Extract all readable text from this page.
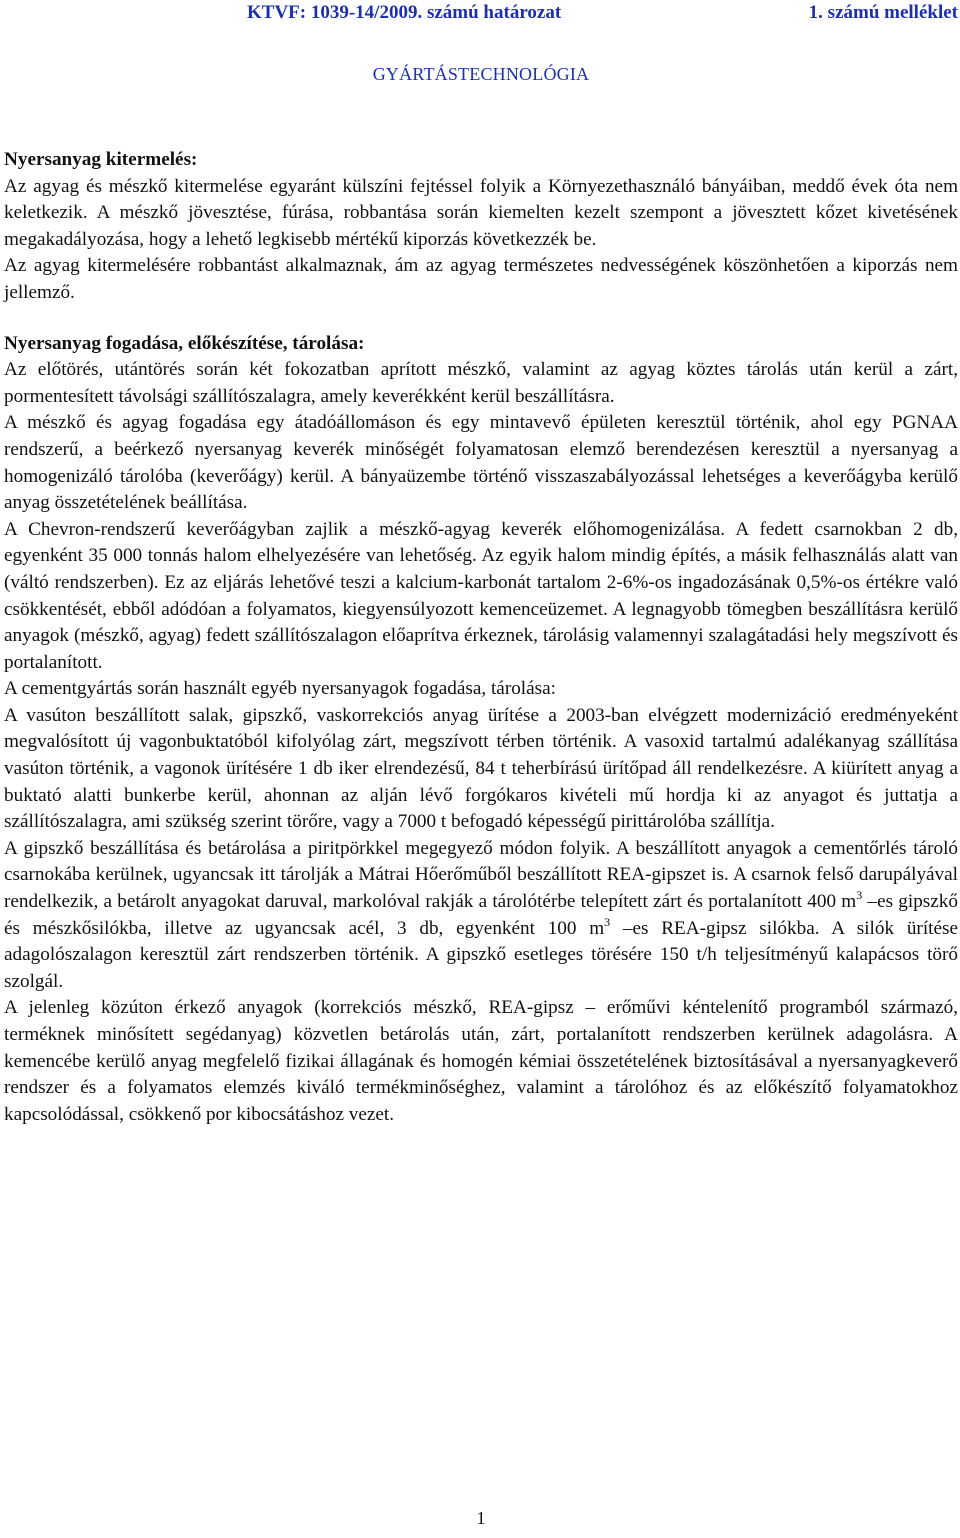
KTVF: 1039-14/2009. számú határozat	1. számú melléklet
GYÁRTÁSTECHNOLÓGIA

Nyersanyag kitermelés:

Az agyag és mészkő kitermelése egyaránt külszíni fejtéssel folyik a Környezethasználó bányáiban, meddő évek óta nem keletkezik. A mészkő jövesztése, fúrása, robbantása során kiemelten kezelt szempont a jövesztett kőzet kivetésének megakadályozása, hogy a lehető legkisebb mértékű kiporzás következzék be.

Az agyag kitermelésére robbantást alkalmaznak, ám az agyag természetes nedvességének köszönhetően a kiporzás nem jellemző.

Nyersanyag fogadása, előkészítése, tárolása:

Az előtörés, utántörés során két fokozatban aprított mészkő, valamint az agyag köztes tárolás után kerül a zárt, pormentesített távolsági szállítószalagra, amely keverékként kerül beszállításra.

A mészkő és agyag fogadása egy átadóállomáson és egy mintavevő épületen keresztül történik, ahol egy PGNAA rendszerű, a beérkező nyersanyag keverék minőségét folyamatosan elemző berendezésen keresztül a nyersanyag a homogenizáló tárolóba (keverőágy) kerül. A bányaüzembe történő visszaszabályozással lehetséges a keverőágyba kerülő anyag összetételének beállítása.

A Chevron-rendszerű keverőágyban zajlik a mészkő-agyag keverék előhomogenizálása. A fedett csarnokban 2 db, egyenként 35 000 tonnás halom elhelyezésére van lehetőség. Az egyik halom mindig építés, a másik felhasználás alatt van (váltó rendszerben). Ez az eljárás lehetővé teszi a kalcium-karbonát tartalom 2-6%-os ingadozásának 0,5%-os értékre való csökkentését, ebből adódóan a folyamatos, kiegyensúlyozott kemenceüzemet. A legnagyobb tömegben beszállításra kerülő anyagok (mészkő, agyag) fedett szállítószalagon előaprítva érkeznek, tárolásig valamennyi szalagátadási hely megszívott és portalanított.

A cementgyártás során használt egyéb nyersanyagok fogadása, tárolása:

A vasúton beszállított salak, gipszkő, vaskorrekciós anyag ürítése a 2003-ban elvégzett modernizáció eredményeként megvalósított új vagonbuktatóból kifolyólag zárt, megszívott térben történik. A vasoxid tartalmú adalékanyag szállítása vasúton történik, a vagonok ürítésére 1 db iker elrendezésű, 84 t teherbírású ürítőpad áll rendelkezésre. A kiürített anyag a buktató alatti bunkerbe kerül, ahonnan az alján lévő forgókaros kivételi mű hordja ki az anyagot és juttatja a szállítószalagra, ami szükség szerint törőre, vagy a 7000 t befogadó képességű pirittárolóba szállítja.

A gipszkő beszállítása és betárolása a piritpörkkel megegyező módon folyik. A beszállított anyagok a cementőrlés tároló csarnokába kerülnek, ugyancsak itt tárolják a Mátrai Hőerőműből beszállított REA-gipszet is. A csarnok felső darupályával rendelkezik, a betárolt anyagokat daruval, markolóval rakják a tárolótérbe telepített zárt és portalanított 400 $m^3$ –es gipszkő és mészkősilókba, illetve az ugyancsak acél, 3 db, egyenként 100 $m^3$ –es REA-gipsz silókba. A silók ürítése adagolószalagon keresztül zárt rendszerben történik. A gipszkő esetleges törésére 150 t/h teljesítményű kalapácsos törő szolgál.

A jelenleg közúton érkező anyagok (korrekciós mészkő, REA-gipsz – erőművi kéntelenítő programból származó, terméknek minősített segédanyag) közvetlen betárolás után, zárt, portalanított rendszerben kerülnek adagolásra. A kemencébe kerülő anyag megfelelő fizikai állagának és homogén kémiai összetételének biztosításával a nyersanyagkeverő rendszer és a folyamatos elemzés kiváló termékminőséghez, valamint a tárolóhoz és az előkészítő folyamatokhoz kapcsolódással, csökkenő por kibocsátáshoz vezet.

1
